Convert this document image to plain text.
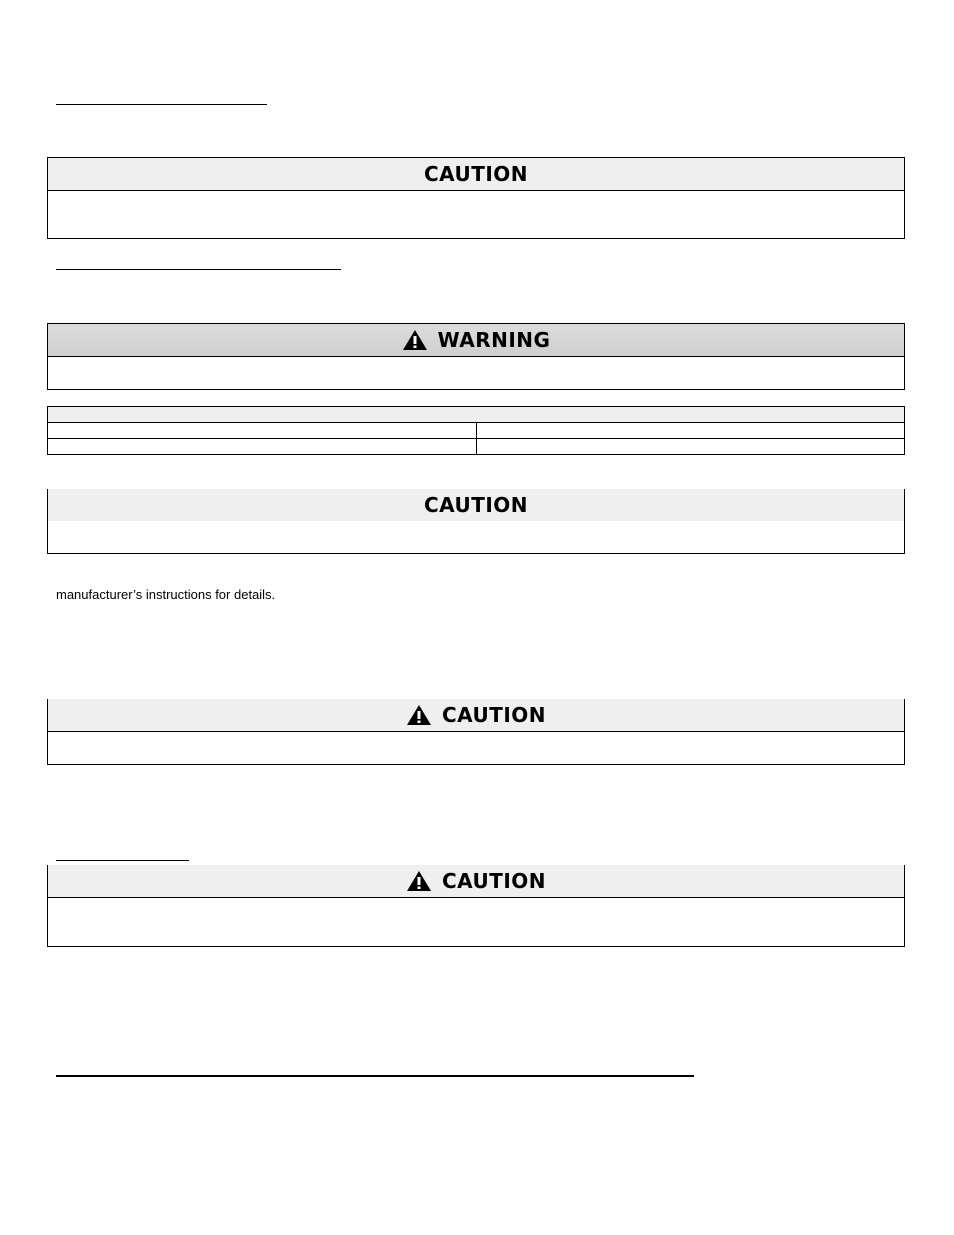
CAUTION
WARNING

CAUTION
manufacturer’s instructions for details.
CAUTION
CAUTION
